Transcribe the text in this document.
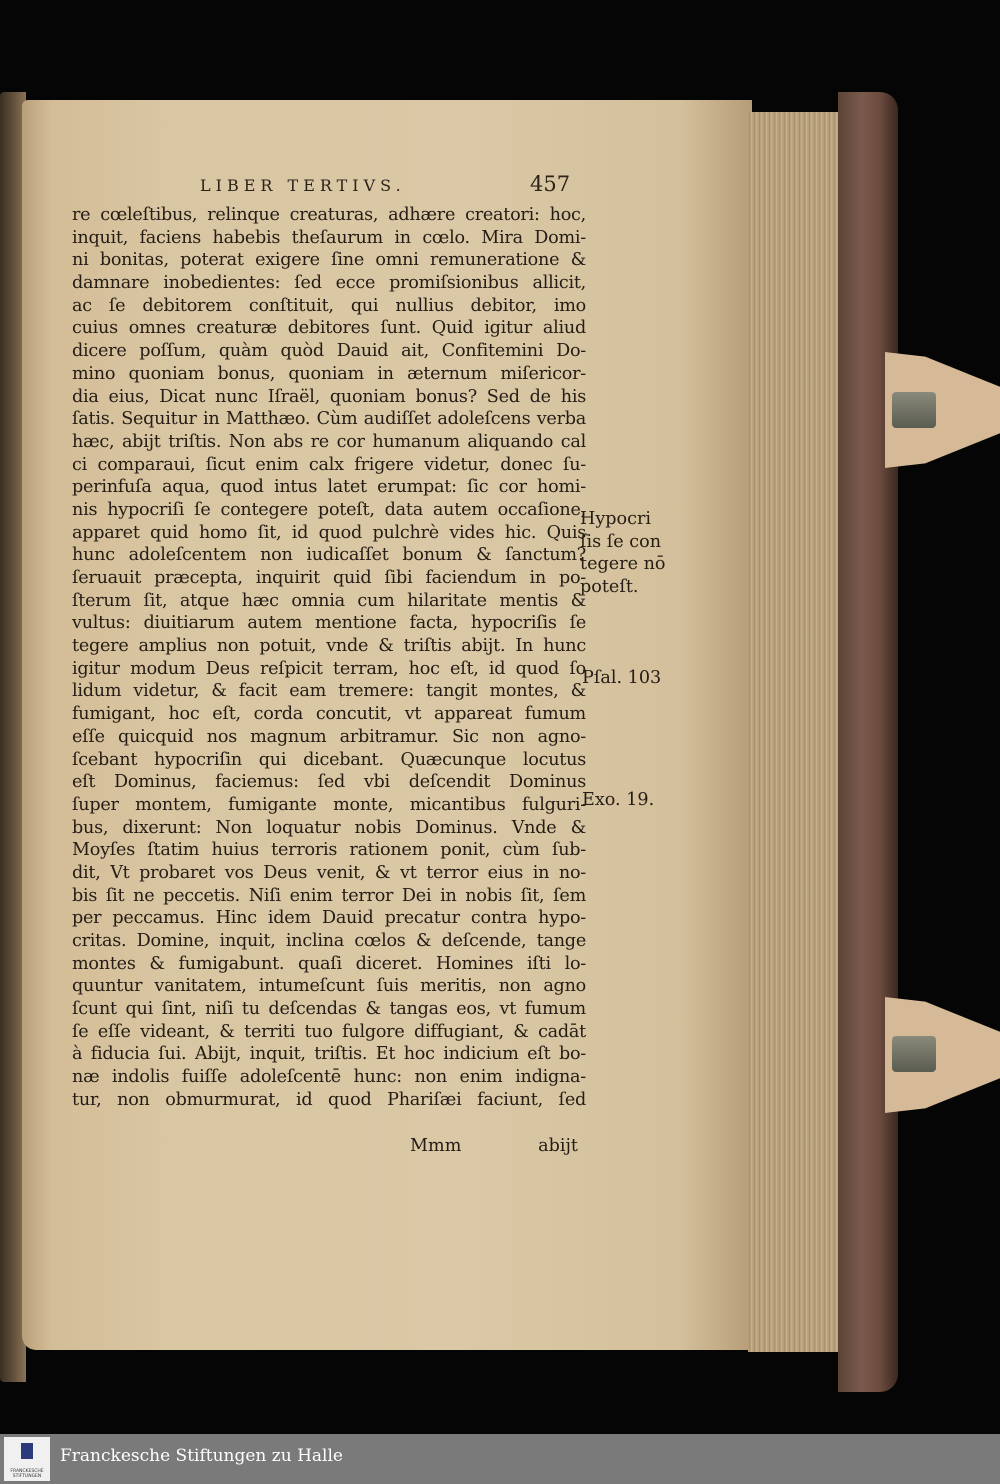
LIBER TERTIVS.	457
re cœleſtibus, relinque creaturas, adhære creatori: hoc,
inquit, faciens habebis theſaurum in cœlo. Mira Domi-
ni bonitas, poterat exigere ſine omni remuneratione &
damnare inobedientes: ſed ecce promiſsionibus allicit,
ac ſe debitorem conſtituit, qui nullius debitor, imo
cuius omnes creaturæ debitores ſunt. Quid igitur aliud
dicere poſſum, quàm quòd Dauid ait, Confitemini Do-
mino quoniam bonus, quoniam in æternum miſericor-
dia eius, Dicat nunc Iſraël, quoniam bonus? Sed de his
ſatis. Sequitur in Matthæo. Cùm audiſſet adoleſcens verba
hæc, abijt triſtis. Non abs re cor humanum aliquando cal
ci comparaui, ſicut enim calx frigere videtur, donec ſu-
perinfuſa aqua, quod intus latet erumpat: ſic cor homi-
nis hypocriſi ſe contegere poteſt, data autem occaſione,
apparet quid homo ſit, id quod pulchrè vides hic. Quis
hunc adoleſcentem non iudicaſſet bonum & ſanctum?
ſeruauit præcepta, inquirit quid ſibi faciendum in po-
ſterum ſit, atque hæc omnia cum hilaritate mentis &
vultus: diuitiarum autem mentione facta, hypocriſis ſe
tegere amplius non potuit, vnde & triſtis abijt. In hunc
igitur modum Deus reſpicit terram, hoc eſt, id quod ſo
lidum videtur, & facit eam tremere: tangit montes, &
fumigant, hoc eſt, corda concutit, vt appareat fumum
eſſe quicquid nos magnum arbitramur. Sic non agno-
ſcebant hypocriſin qui dicebant. Quæcunque locutus
eſt Dominus, faciemus: ſed vbi deſcendit Dominus
ſuper montem, fumigante monte, micantibus fulguri-
bus, dixerunt: Non loquatur nobis Dominus. Vnde &
Moyſes ſtatim huius terroris rationem ponit, cùm ſub-
dit, Vt probaret vos Deus venit, & vt terror eius in no-
bis ſit ne peccetis. Niſi enim terror Dei in nobis ſit, ſem
per peccamus. Hinc idem Dauid precatur contra hypo-
critas. Domine, inquit, inclina cœlos & deſcende, tange
montes & fumigabunt. quaſi diceret. Homines iſti lo-
quuntur vanitatem, intumeſcunt ſuis meritis, non agno
ſcunt qui ſint, niſi tu deſcendas & tangas eos, vt fumum
ſe eſſe videant, & territi tuo fulgore diffugiant, & cadāt
à fiducia ſui. Abijt, inquit, triſtis. Et hoc indicium eſt bo-
næ indolis fuiſſe adoleſcentē hunc: non enim indigna-
tur, non obmurmurat, id quod Phariſæi faciunt, ſed
Mmm	abijt
Hypocri
ſis ſe con
tegere nō
poteſt.
Pſal. 103
Exo. 19.
FRANCKESCHE STIFTUNGEN
Franckesche Stiftungen zu Halle
